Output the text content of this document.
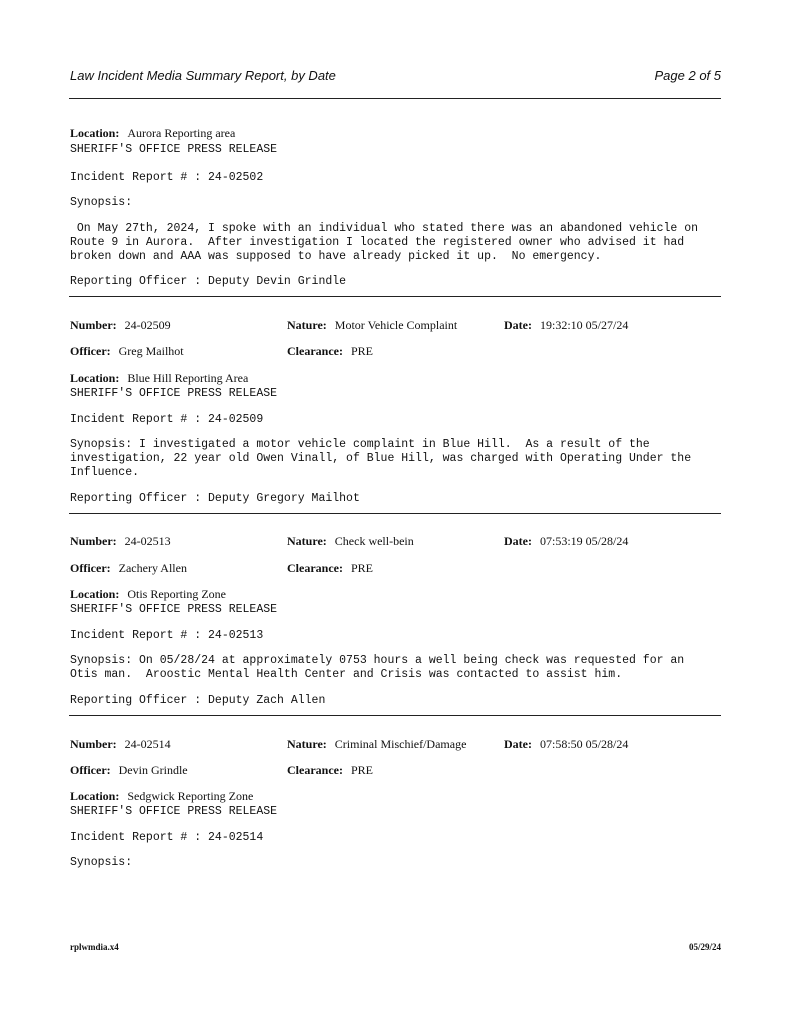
Law Incident Media Summary Report, by Date	Page 2 of 5
Location: Aurora Reporting area
SHERIFF'S OFFICE PRESS RELEASE
Incident Report # : 24-02502
Synopsis:
On May 27th, 2024, I spoke with an individual who stated there was an abandoned vehicle on
Route 9 in Aurora.  After investigation I located the registered owner who advised it had
broken down and AAA was supposed to have already picked it up.  No emergency.
Reporting Officer : Deputy Devin Grindle
Number: 24-02509	Nature: Motor Vehicle Complaint	Date: 19:32:10 05/27/24
Officer: Greg Mailhot	Clearance: PRE
Location: Blue Hill Reporting Area
SHERIFF'S OFFICE PRESS RELEASE
Incident Report # : 24-02509
Synopsis: I investigated a motor vehicle complaint in Blue Hill.  As a result of the
investigation, 22 year old Owen Vinall, of Blue Hill, was charged with Operating Under the
Influence.
Reporting Officer : Deputy Gregory Mailhot
Number: 24-02513	Nature: Check well-bein	Date: 07:53:19 05/28/24
Officer: Zachery Allen	Clearance: PRE
Location: Otis Reporting Zone
SHERIFF'S OFFICE PRESS RELEASE
Incident Report # : 24-02513
Synopsis: On 05/28/24 at approximately 0753 hours a well being check was requested for an
Otis man.  Aroostic Mental Health Center and Crisis was contacted to assist him.
Reporting Officer : Deputy Zach Allen
Number: 24-02514	Nature: Criminal Mischief/Damage	Date: 07:58:50 05/28/24
Officer: Devin Grindle	Clearance: PRE
Location: Sedgwick Reporting Zone
SHERIFF'S OFFICE PRESS RELEASE
Incident Report # : 24-02514
Synopsis:
rplwmdia.x4	05/29/24
